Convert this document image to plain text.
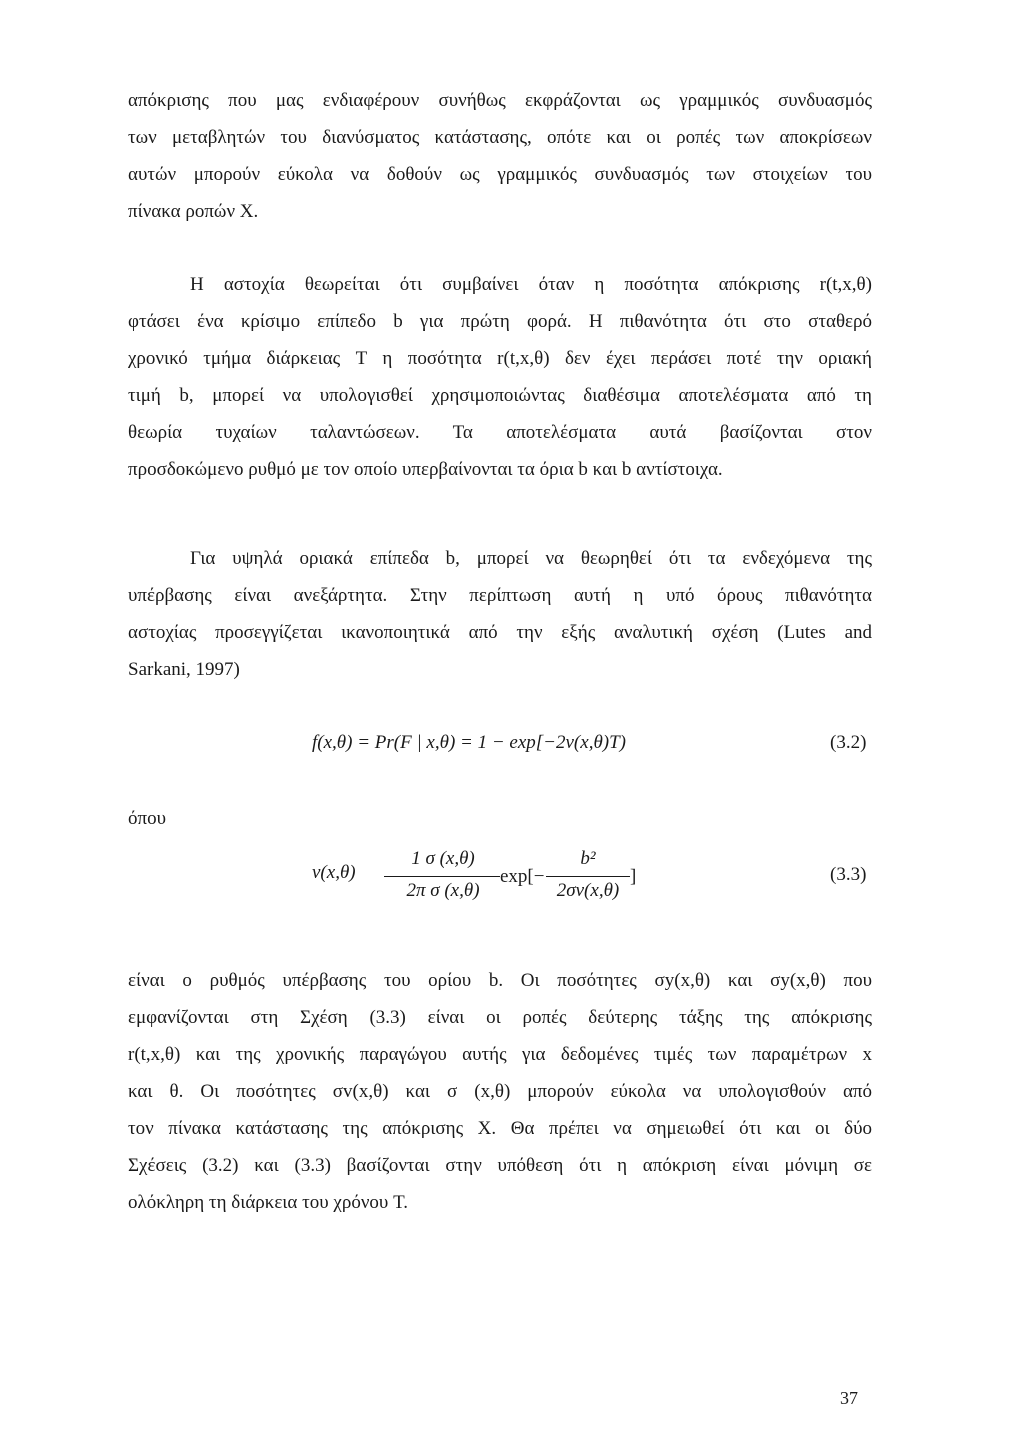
απόκρισης που μας ενδιαφέρουν συνήθως εκφράζονται ως γραμμικός συνδυασμός
των μεταβλητών του διανύσματος κατάστασης, οπότε και οι ροπές των αποκρίσεων
αυτών μπορούν εύκολα να δοθούν ως γραμμικός συνδυασμός των στοιχείων του
πίνακα ροπών X.
Η αστοχία θεωρείται ότι συμβαίνει όταν η ποσότητα απόκρισης r(t,x,θ)
φτάσει ένα κρίσιμο επίπεδο b για πρώτη φορά. Η πιθανότητα ότι στο σταθερό
χρονικό τμήμα διάρκειας T η ποσότητα r(t,x,θ) δεν έχει περάσει ποτέ την οριακή
τιμή b, μπορεί να υπολογισθεί χρησιμοποιώντας διαθέσιμα αποτελέσματα από τη
θεωρία τυχαίων ταλαντώσεων. Τα αποτελέσματα αυτά βασίζονται στον
προσδοκώμενο ρυθμό με τον οποίο υπερβαίνονται τα όρια b και b αντίστοιχα.
Για υψηλά οριακά επίπεδα b, μπορεί να θεωρηθεί ότι τα ενδεχόμενα της
υπέρβασης είναι ανεξάρτητα. Στην περίπτωση αυτή η υπό όρους πιθανότητα
αστοχίας προσεγγίζεται ικανοποιητικά από την εξής αναλυτική σχέση (Lutes and
Sarkani, 1997)
f(x,θ) = Pr(F | x,θ) = 1 − exp[−2ν(x,θ)T)	(3.2)
όπου
ν(x,θ)
1 σ (x,θ)
2π σ (x,θ)
exp[−
b²
2σv(x,θ)
]	(3.3)
είναι ο ρυθμός υπέρβασης του ορίου b. Οι ποσότητες σy(x,θ) και σy(x,θ) που
εμφανίζονται στη Σχέση (3.3) είναι οι ροπές δεύτερης τάξης της απόκρισης
r(t,x,θ) και της χρονικής παραγώγου αυτής για δεδομένες τιμές των παραμέτρων x
και θ. Οι ποσότητες σv(x,θ) και σ (x,θ) μπορούν εύκολα να υπολογισθούν από
τον πίνακα κατάστασης της απόκρισης X. Θα πρέπει να σημειωθεί ότι και οι δύο
Σχέσεις (3.2) και (3.3) βασίζονται στην υπόθεση ότι η απόκριση είναι μόνιμη σε
ολόκληρη τη διάρκεια του χρόνου T.
37
